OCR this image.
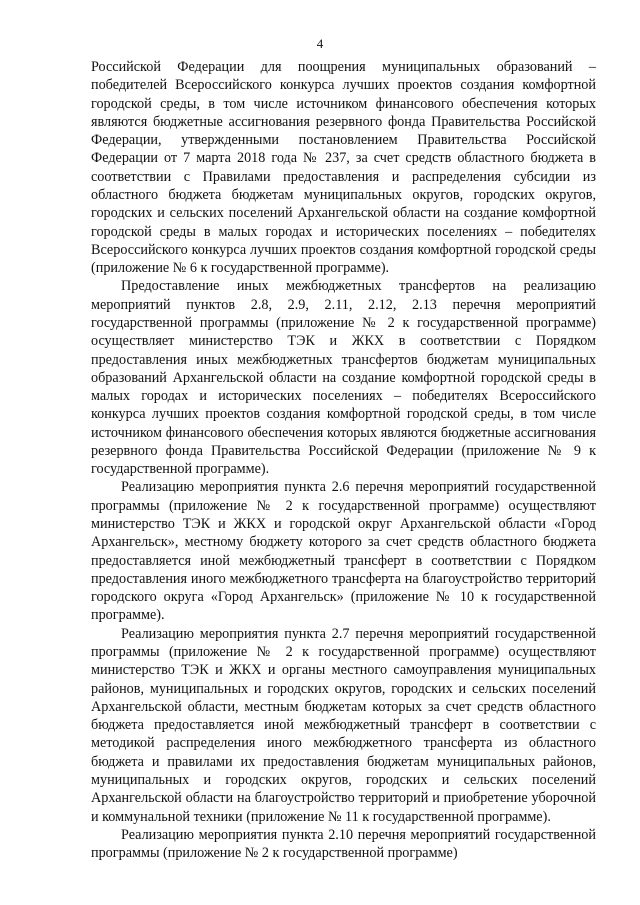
4

Российской Федерации для поощрения муниципальных образований – победителей Всероссийского конкурса лучших проектов создания комфортной городской среды, в том числе источником финансового обеспечения которых являются бюджетные ассигнования резервного фонда Правительства Российской Федерации, утвержденными постановлением Правительства Российской Федерации от 7 марта 2018 года № 237, за счет средств областного бюджета в соответствии с Правилами предоставления и распределения субсидии из областного бюджета бюджетам муниципальных округов, городских округов, городских и сельских поселений Архангельской области на создание комфортной городской среды в малых городах и исторических поселениях – победителях Всероссийского конкурса лучших проектов создания комфортной городской среды (приложение № 6 к государственной программе).

Предоставление иных межбюджетных трансфертов на реализацию мероприятий пунктов 2.8, 2.9, 2.11, 2.12, 2.13 перечня мероприятий государственной программы (приложение № 2 к государственной программе) осуществляет министерство ТЭК и ЖКХ в соответствии с Порядком предоставления иных межбюджетных трансфертов бюджетам муниципальных образований Архангельской области на создание комфортной городской среды в малых городах и исторических поселениях – победителях Всероссийского конкурса лучших проектов создания комфортной городской среды, в том числе источником финансового обеспечения которых являются бюджетные ассигнования резервного фонда Правительства Российской Федерации (приложение № 9 к государственной программе).

Реализацию мероприятия пункта 2.6 перечня мероприятий государственной программы (приложение № 2 к государственной программе) осуществляют министерство ТЭК и ЖКХ и городской округ Архангельской области «Город Архангельск», местному бюджету которого за счет средств областного бюджета предоставляется иной межбюджетный трансферт в соответствии с Порядком предоставления иного межбюджетного трансферта на благоустройство территорий городского округа «Город Архангельск» (приложение № 10 к государственной программе).

Реализацию мероприятия пункта 2.7 перечня мероприятий государственной программы (приложение № 2 к государственной программе) осуществляют министерство ТЭК и ЖКХ и органы местного самоуправления муниципальных районов, муниципальных и городских округов, городских и сельских поселений Архангельской области, местным бюджетам которых за счет средств областного бюджета предоставляется иной межбюджетный трансферт в соответствии с методикой распределения иного межбюджетного трансферта из областного бюджета и правилами их предоставления бюджетам муниципальных районов, муниципальных и городских округов, городских и сельских поселений Архангельской области на благоустройство территорий и приобретение уборочной и коммунальной техники (приложение № 11 к государственной программе).

Реализацию мероприятия пункта 2.10 перечня мероприятий государственной программы (приложение № 2 к государственной программе)
